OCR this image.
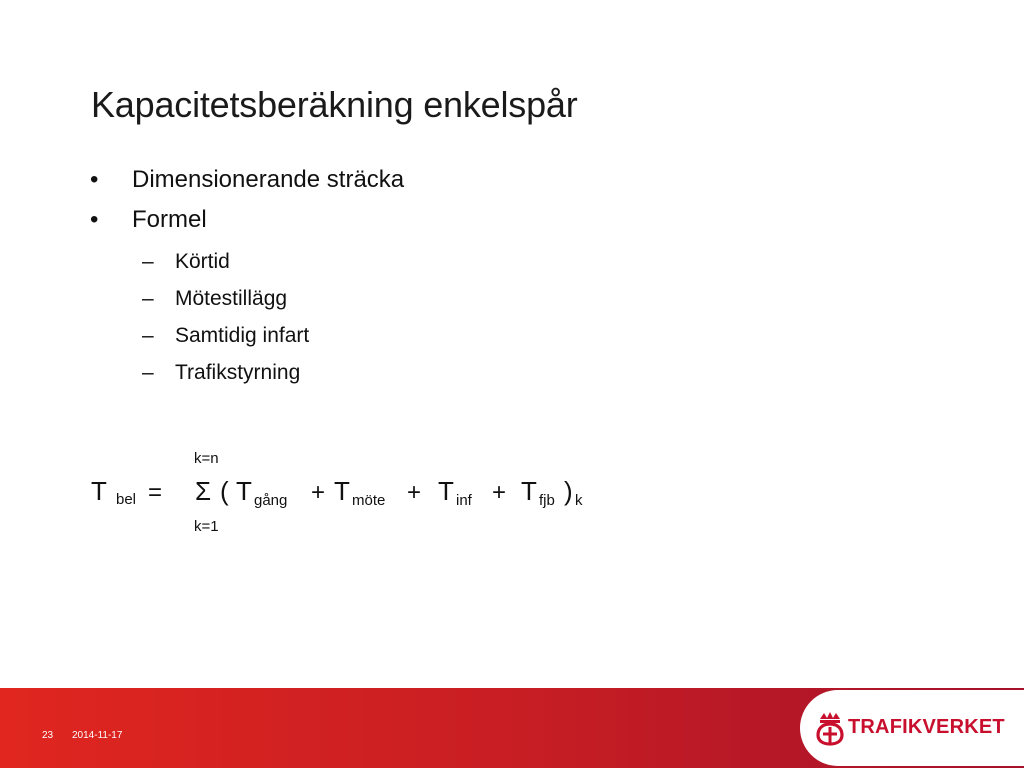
Kapacitetsberäkning enkelspår
• Dimensionerande sträcka
• Formel
– Körtid
– Mötestillägg
– Samtidig infart
– Trafikstyrning
k=n
T bel = Σ ( T gång + T möte + T inf + T fjb ) k
k=1
23 2014-11-17	TRAFIKVERKET
